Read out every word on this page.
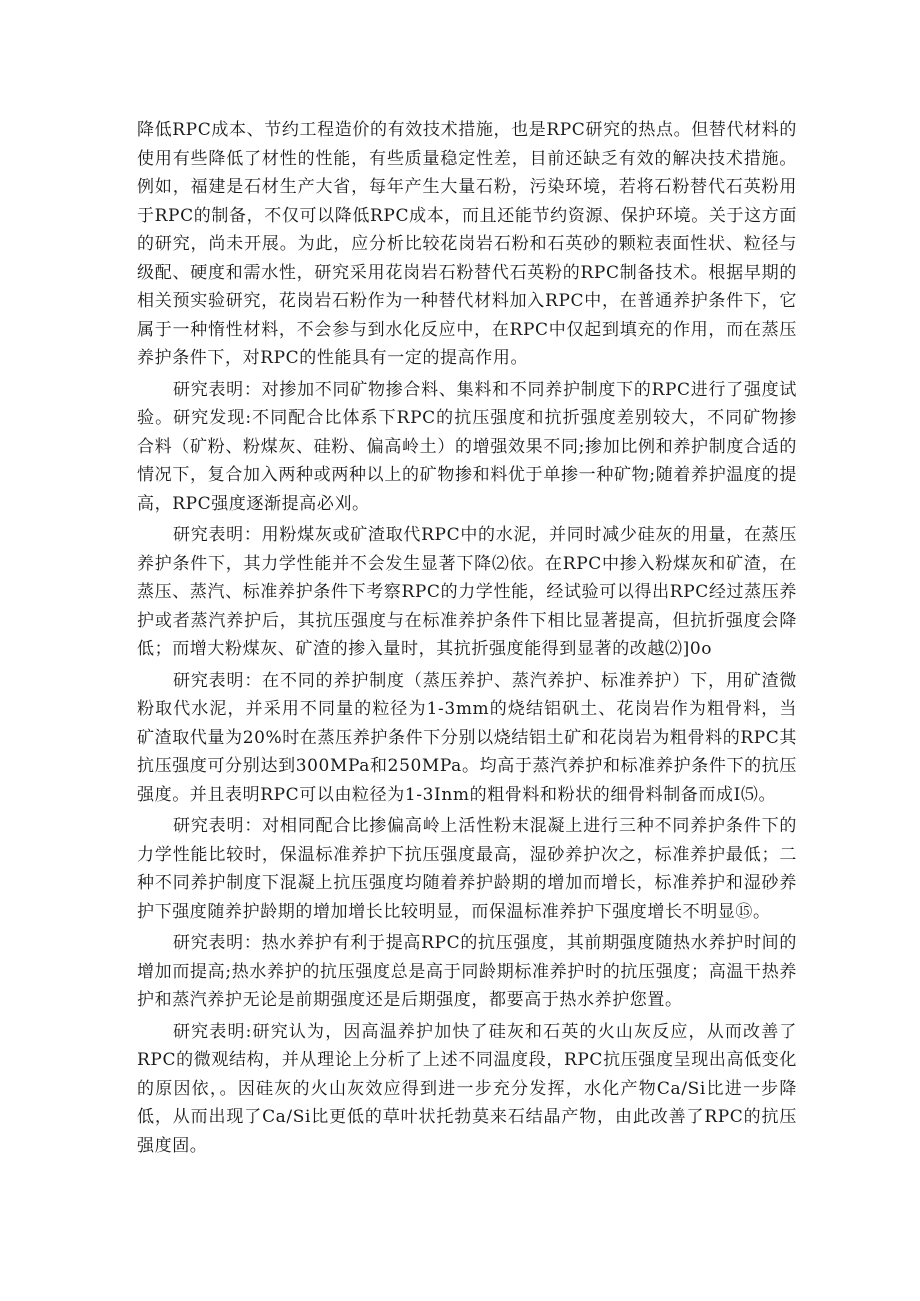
降低RPC成本、节约工程造价的有效技术措施，也是RPC研究的热点。但替代材料的使用有些降低了材性的性能，有些质量稳定性差，目前还缺乏有效的解决技术措施。例如，福建是石材生产大省，每年产生大量石粉，污染环境，若将石粉替代石英粉用于RPC的制备，不仅可以降低RPC成本，而且还能节约资源、保护环境。关于这方面的研究，尚未开展。为此，应分析比较花岗岩石粉和石英砂的颗粒表面性状、粒径与级配、硬度和需水性，研究采用花岗岩石粉替代石英粉的RPC制备技术。根据早期的相关预实验研究，花岗岩石粉作为一种替代材料加入RPC中，在普通养护条件下，它属于一种惰性材料，不会参与到水化反应中，在RPC中仅起到填充的作用，而在蒸压养护条件下，对RPC的性能具有一定的提高作用。

研究表明：对掺加不同矿物掺合料、集料和不同养护制度下的RPC进行了强度试验。研究发现:不同配合比体系下RPC的抗压强度和抗折强度差别较大，不同矿物掺合料（矿粉、粉煤灰、硅粉、偏高岭土）的增强效果不同;掺加比例和养护制度合适的情况下，复合加入两种或两种以上的矿物掺和料优于单掺一种矿物;随着养护温度的提高，RPC强度逐渐提高必刈。

研究表明：用粉煤灰或矿渣取代RPC中的水泥，并同时减少硅灰的用量，在蒸压养护条件下，其力学性能并不会发生显著下降⑵依。在RPC中掺入粉煤灰和矿渣，在蒸压、蒸汽、标准养护条件下考察RPC的力学性能，经试验可以得出RPC经过蒸压养护或者蒸汽养护后，其抗压强度与在标准养护条件下相比显著提高，但抗折强度会降低；而增大粉煤灰、矿渣的掺入量时，其抗折强度能得到显著的改越⑵]0o

研究表明：在不同的养护制度（蒸压养护、蒸汽养护、标准养护）下，用矿渣微粉取代水泥，并采用不同量的粒径为1-3mm的烧结铝矾土、花岗岩作为粗骨料，当矿渣取代量为20%时在蒸压养护条件下分别以烧结铝土矿和花岗岩为粗骨料的RPC其抗压强度可分别达到300MPa和250MPa。均高于蒸汽养护和标准养护条件下的抗压强度。并且表明RPC可以由粒径为1-3Inm的粗骨料和粉状的细骨料制备而成I⑸。

研究表明：对相同配合比掺偏高岭上活性粉末混凝上进行三种不同养护条件下的力学性能比较时，保温标准养护下抗压强度最高，湿砂养护次之，标准养护最低；二种不同养护制度下混凝上抗压强度均随着养护龄期的增加而增长，标准养护和湿砂养护下强度随养护龄期的增加增长比较明显，而保温标准养护下强度增长不明显⑮。

研究表明：热水养护有利于提高RPC的抗压强度，其前期强度随热水养护时间的增加而提高;热水养护的抗压强度总是高于同龄期标准养护时的抗压强度；高温干热养护和蒸汽养护无论是前期强度还是后期强度，都要高于热水养护您置。

研究表明:研究认为，因高温养护加快了硅灰和石英的火山灰反应，从而改善了RPC的微观结构，并从理论上分析了上述不同温度段，RPC抗压强度呈现出高低变化的原因依，。因硅灰的火山灰效应得到进一步充分发挥，水化产物Ca/Si比进一步降低，从而出现了Ca/Si比更低的草叶状托勃莫来石结晶产物，由此改善了RPC的抗压强度固。
